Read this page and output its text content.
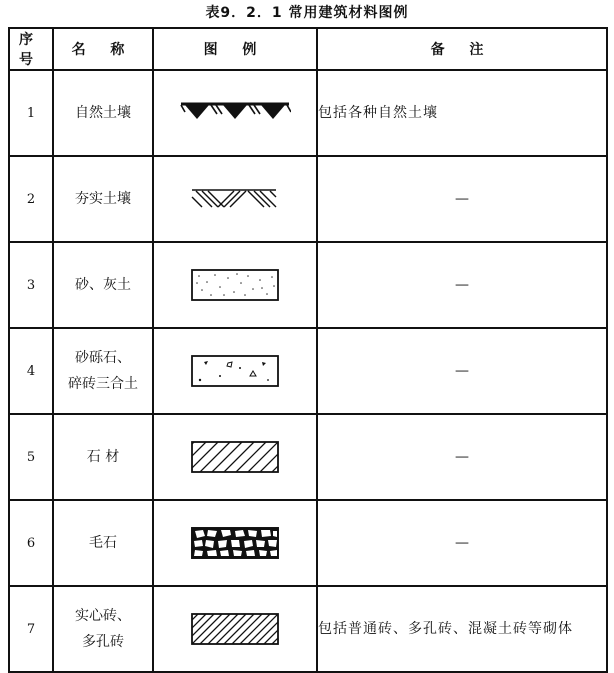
表9．2．1 常用建筑材料图例
序号	名 称	图 例	备 注
1	自然土壤		包括各种自然土壤
2	夯实土壤		—
3	砂、灰土		—
4	砂砾石、
碎砖三合土		—
5	石 材		—
6	毛石		—
7	实心砖、
多孔砖		包括普通砖、多孔砖、混凝土砖等砌体
